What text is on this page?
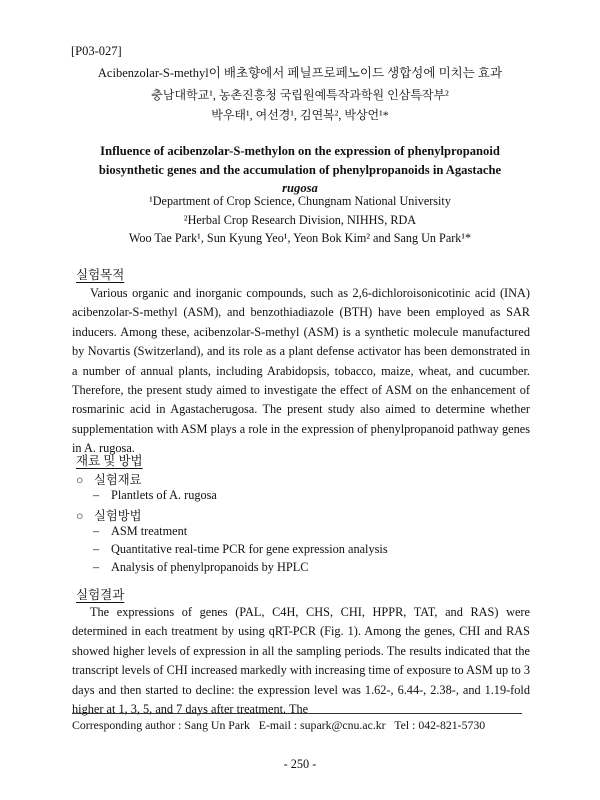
[P03-027]
Acibenzolar-S-methyl이 배초향에서 페닐프로페노이드 생합성에 미치는 효과
충남대학교¹, 농촌진흥청 국립원예특작과학원 인삼특작부²
박우태¹, 여선경¹, 김연복², 박상언¹*
Influence of acibenzolar-S-methylon on the expression of phenylpropanoid
biosynthetic genes and the accumulation of phenylpropanoids in Agastache
rugosa
¹Department of Crop Science, Chungnam National University
²Herbal Crop Research Division, NIHHS, RDA
Woo Tae Park¹, Sun Kyung Yeo¹, Yeon Bok Kim² and Sang Un Park¹*
실험목적

Various organic and inorganic compounds, such as 2,6-dichloroisonicotinic acid (INA) acibenzolar-S-methyl (ASM), and benzothiadiazole (BTH) have been employed as SAR inducers. Among these, acibenzolar-S-methyl (ASM) is a synthetic molecule manufactured by Novartis (Switzerland), and its role as a plant defense activator has been demonstrated in a number of annual plants, including Arabidopsis, tobacco, maize, wheat, and cucumber. Therefore, the present study aimed to investigate the effect of ASM on the enhancement of rosmarinic acid in Agastacherugosa. The present study also aimed to determine whether supplementation with ASM plays a role in the expression of phenylpropanoid pathway genes in A. rugosa.

재료 및 방법
○ 실험재료
– Plantlets of A. rugosa
○ 실험방법
– ASM treatment
– Quantitative real-time PCR for gene expression analysis
– Analysis of phenylpropanoids by HPLC
실험결과

The expressions of genes (PAL, C4H, CHS, CHI, HPPR, TAT, and RAS) were determined in each treatment by using qRT-PCR (Fig. 1). Among the genes, CHI and RAS showed higher levels of expression in all the sampling periods. The results indicated that the transcript levels of CHI increased markedly with increasing time of exposure to ASM up to 3 days and then started to decline: the expression level was 1.62-, 6.44-, 2.38-, and 1.19-fold higher at 1, 3, 5, and 7 days after treatment. The

Corresponding author : Sang Un Park E-mail : supark@cnu.ac.kr Tel : 042-821-5730
- 250 -
